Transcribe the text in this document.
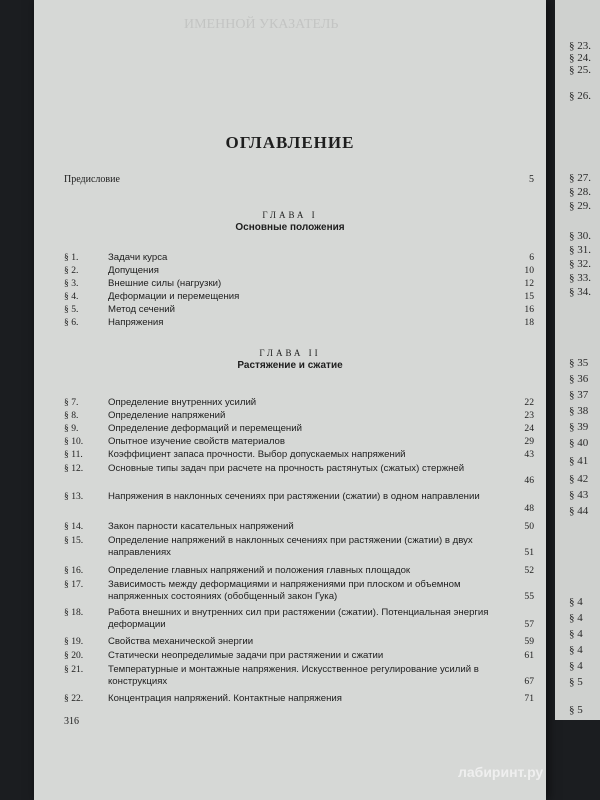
ИМЕННОЙ УКАЗАТЕЛЬ
ОГЛАВЛЕНИЕ
Предисловие	5
ГЛАВА I
Основные положения
ГЛАВА II
Растяжение и сжатие
§ 1.	Задачи курса	6
§ 2.	Допущения	10
§ 3.	Внешние силы (нагрузки)	12
§ 4.	Деформации и перемещения	15
§ 5.	Метод сечений	16
§ 6.	Напряжения	18
§ 7.	Определение внутренних усилий	22
§ 8.	Определение напряжений	23
§ 9.	Определение деформаций и перемещений	24
§ 10.	Опытное изучение свойств материалов	29
§ 11.	Коэффициент запаса прочности. Выбор допускаемых напряжений	43
§ 12.	Основные типы задач при расчете на прочность растянутых (сжатых) стержней
46
§ 13.	Напряжения в наклонных сечениях при растяжении (сжатии) в одном направлении
48
§ 14.	Закон парности касательных напряжений	50
§ 15.	Определение напряжений в наклонных сечениях при растяжении (сжатии) в двух направлениях	51
§ 16.	Определение главных напряжений и положения главных площадок	52
§ 17.	Зависимость между деформациями и напряжениями при плоском и объемном напряженных состояниях (обобщенный закон Гука)	55
§ 18.	Работа внешних и внутренних сил при растяжении (сжатии). Потенциальная энергия деформации	57
§ 19.	Свойства механической энергии	59
§ 20.	Статически неопределимые задачи при растяжении и сжатии	61
§ 21.	Температурные и монтажные напряжения. Искусственное регулирование усилий в конструкциях	67
§ 22.	Концентрация напряжений. Контактные напряжения	71
316
§ 23.
§ 24.
§ 25.
§ 26.
§ 27.
§ 28.
§ 29.
§ 30.
§ 31.
§ 32.
§ 33.
§ 34.
§ 35
§ 36
§ 37
§ 38
§ 39
§ 40
§ 41
§ 42
§ 43
§ 44
§ 4
§ 4
§ 4
§ 4
§ 4
§ 5
§ 5
лабиринт.ру
